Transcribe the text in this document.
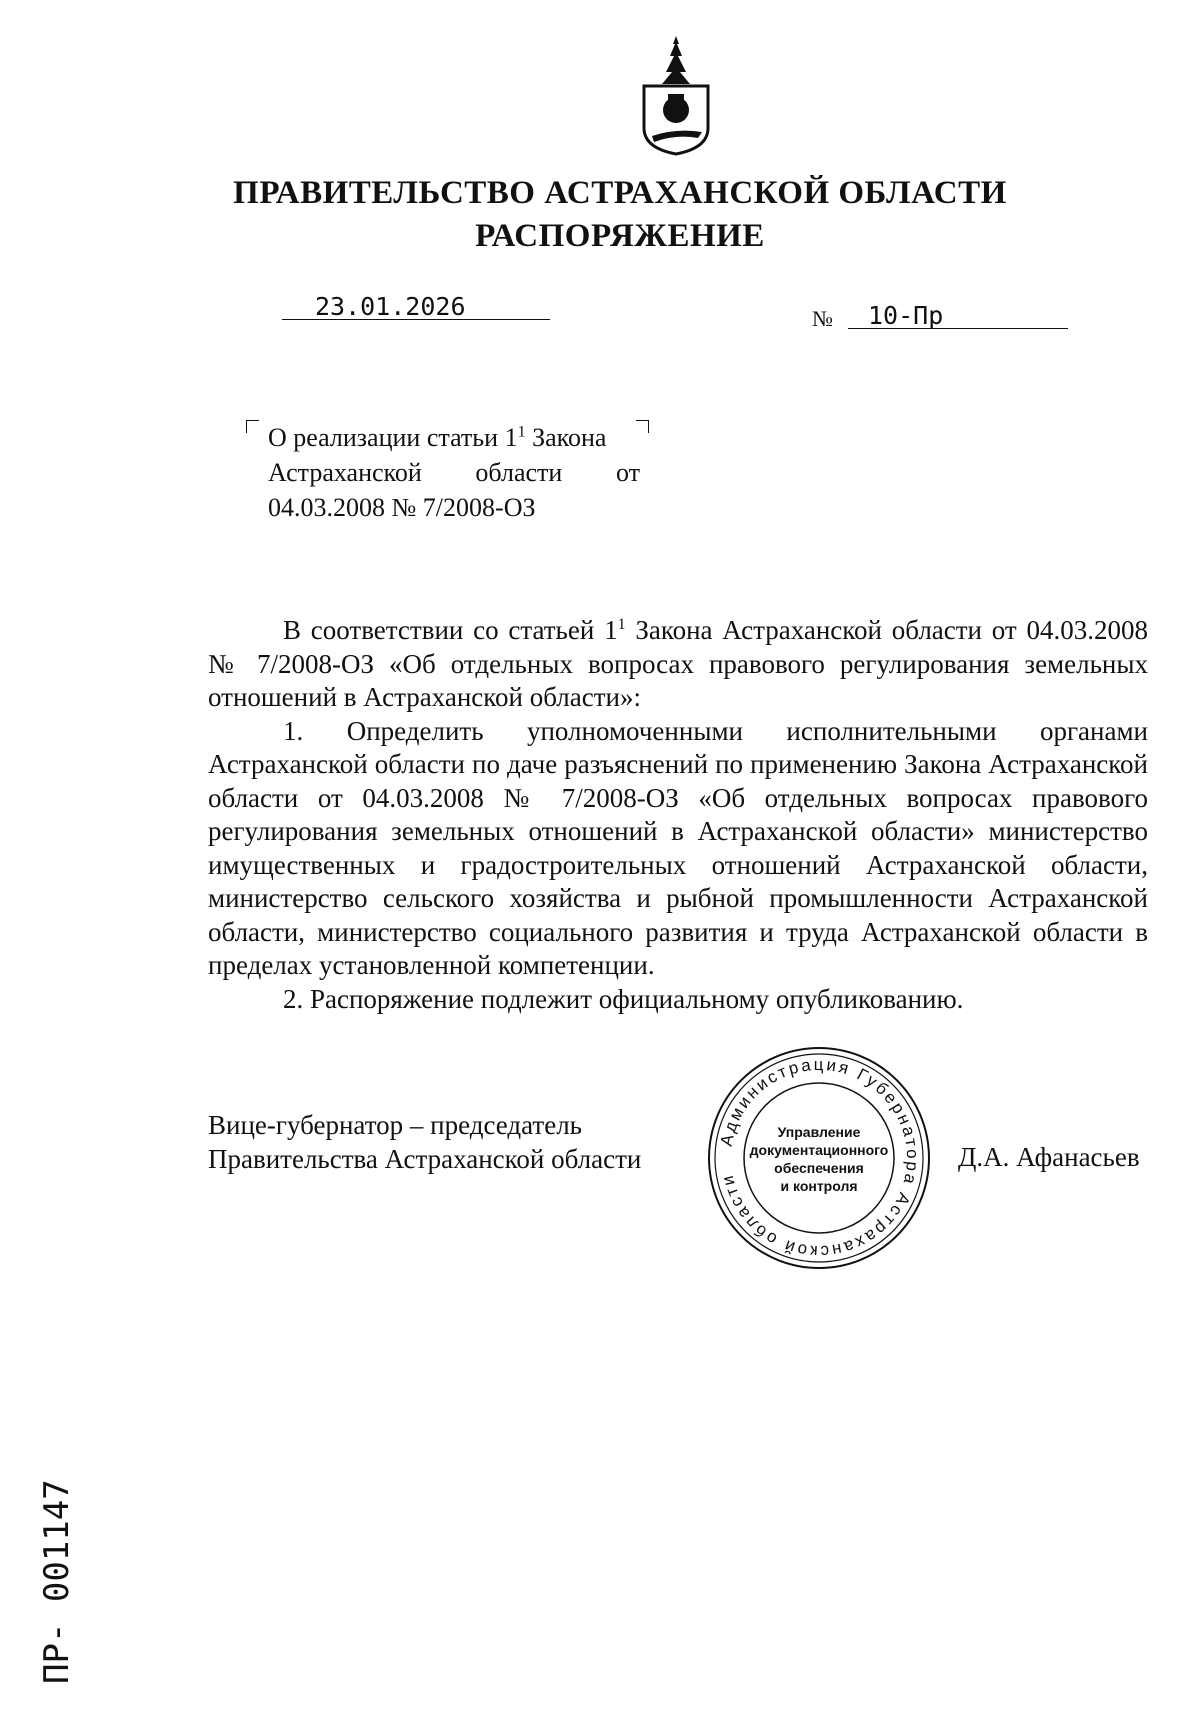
ПРАВИТЕЛЬСТВО АСТРАХАНСКОЙ ОБЛАСТИ
РАСПОРЯЖЕНИЕ
23.01.2026	№ 10-Пр
О реализации статьи $1^1$ Закона
Астраханской области от
04.03.2008 № 7/2008-ОЗ

В соответствии со статьей $1^1$ Закона Астраханской области от 04.03.2008 № 7/2008-ОЗ «Об отдельных вопросах правового регулирования земельных отношений в Астраханской области»:

1. Определить уполномоченными исполнительными органами Астраханской области по даче разъяснений по применению Закона Астраханской области от 04.03.2008 № 7/2008-ОЗ «Об отдельных вопросах правового регулирования земельных отношений в Астраханской области» министерство имущественных и градостроительных отношений Астраханской области, министерство сельского хозяйства и рыбной промышленности Астраханской области, министерство социального развития и труда Астраханской области в пределах установленной компетенции.

2. Распоряжение подлежит официальному опубликованию.

Вице-губернатор – председатель
Правительства Астраханской области
Администрация Губернатора Астраханской области
Управление
документационного
обеспечения
и контроля
Д.А. Афанасьев
ПР- 001147
